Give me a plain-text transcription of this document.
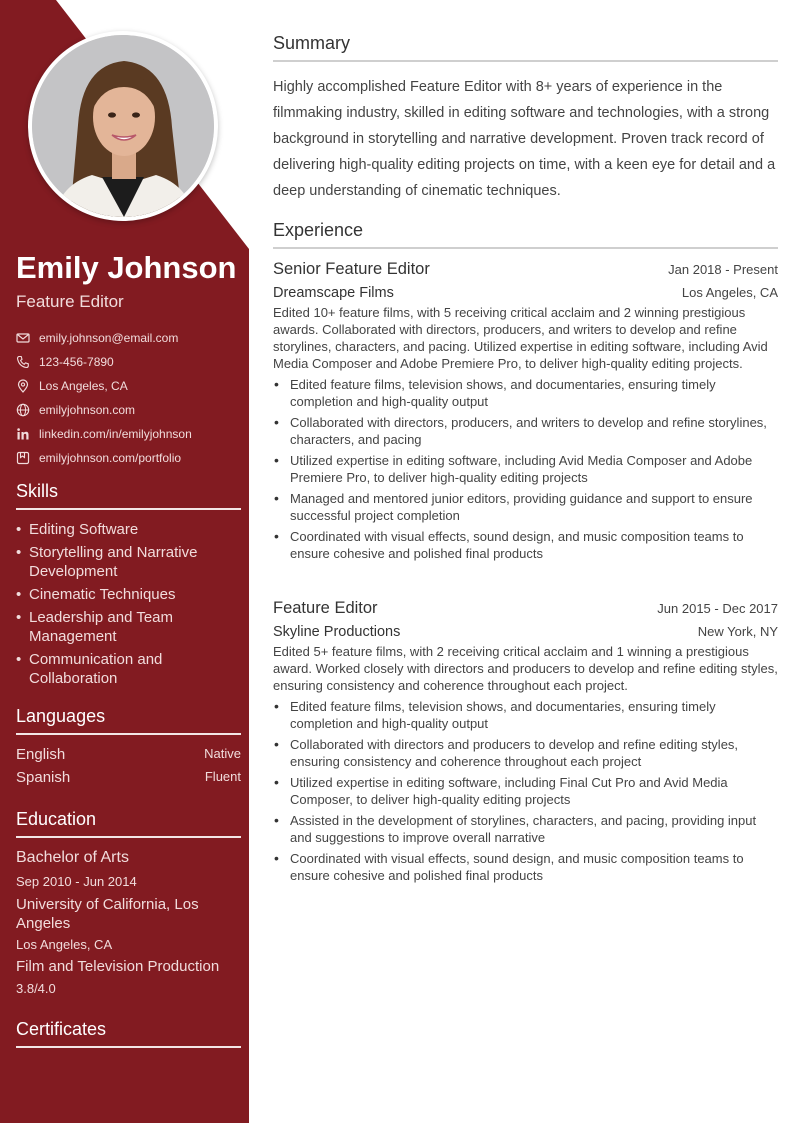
Emily Johnson
Feature Editor
emily.johnson@email.com
123-456-7890
Los Angeles, CA
emilyjohnson.com
linkedin.com/in/emilyjohnson
emilyjohnson.com/portfolio
Skills
• Editing Software
• Storytelling and Narrative Development
• Cinematic Techniques
• Leadership and Team Management
• Communication and Collaboration
Languages
English	Native
Spanish	Fluent
Education
Bachelor of Arts
Sep 2010 - Jun 2014
University of California, Los Angeles
Los Angeles, CA
Film and Television Production
3.8/4.0
Certificates
Summary

Highly accomplished Feature Editor with 8+ years of experience in the filmmaking industry, skilled in editing software and technologies, with a strong background in storytelling and narrative development. Proven track record of delivering high-quality editing projects on time, with a keen eye for detail and a deep understanding of cinematic techniques.

Experience
Senior Feature Editor	Jan 2018 - Present
Dreamscape Films	Los Angeles, CA

Edited 10+ feature films, with 5 receiving critical acclaim and 2 winning prestigious awards. Collaborated with directors, producers, and writers to develop and refine storylines, characters, and pacing. Utilized expertise in editing software, including Avid Media Composer and Adobe Premiere Pro, to deliver high-quality editing projects.

• Edited feature films, television shows, and documentaries, ensuring timely completion and high-quality output
• Collaborated with directors, producers, and writers to develop and refine storylines, characters, and pacing
• Utilized expertise in editing software, including Avid Media Composer and Adobe Premiere Pro, to deliver high-quality editing projects
• Managed and mentored junior editors, providing guidance and support to ensure successful project completion
• Coordinated with visual effects, sound design, and music composition teams to ensure cohesive and polished final products
Feature Editor	Jun 2015 - Dec 2017
Skyline Productions	New York, NY

Edited 5+ feature films, with 2 receiving critical acclaim and 1 winning a prestigious award. Worked closely with directors and producers to develop and refine editing styles, ensuring consistency and coherence throughout each project.

• Edited feature films, television shows, and documentaries, ensuring timely completion and high-quality output
• Collaborated with directors and producers to develop and refine editing styles, ensuring consistency and coherence throughout each project
• Utilized expertise in editing software, including Final Cut Pro and Avid Media Composer, to deliver high-quality editing projects
• Assisted in the development of storylines, characters, and pacing, providing input and suggestions to improve overall narrative
• Coordinated with visual effects, sound design, and music composition teams to ensure cohesive and polished final products
